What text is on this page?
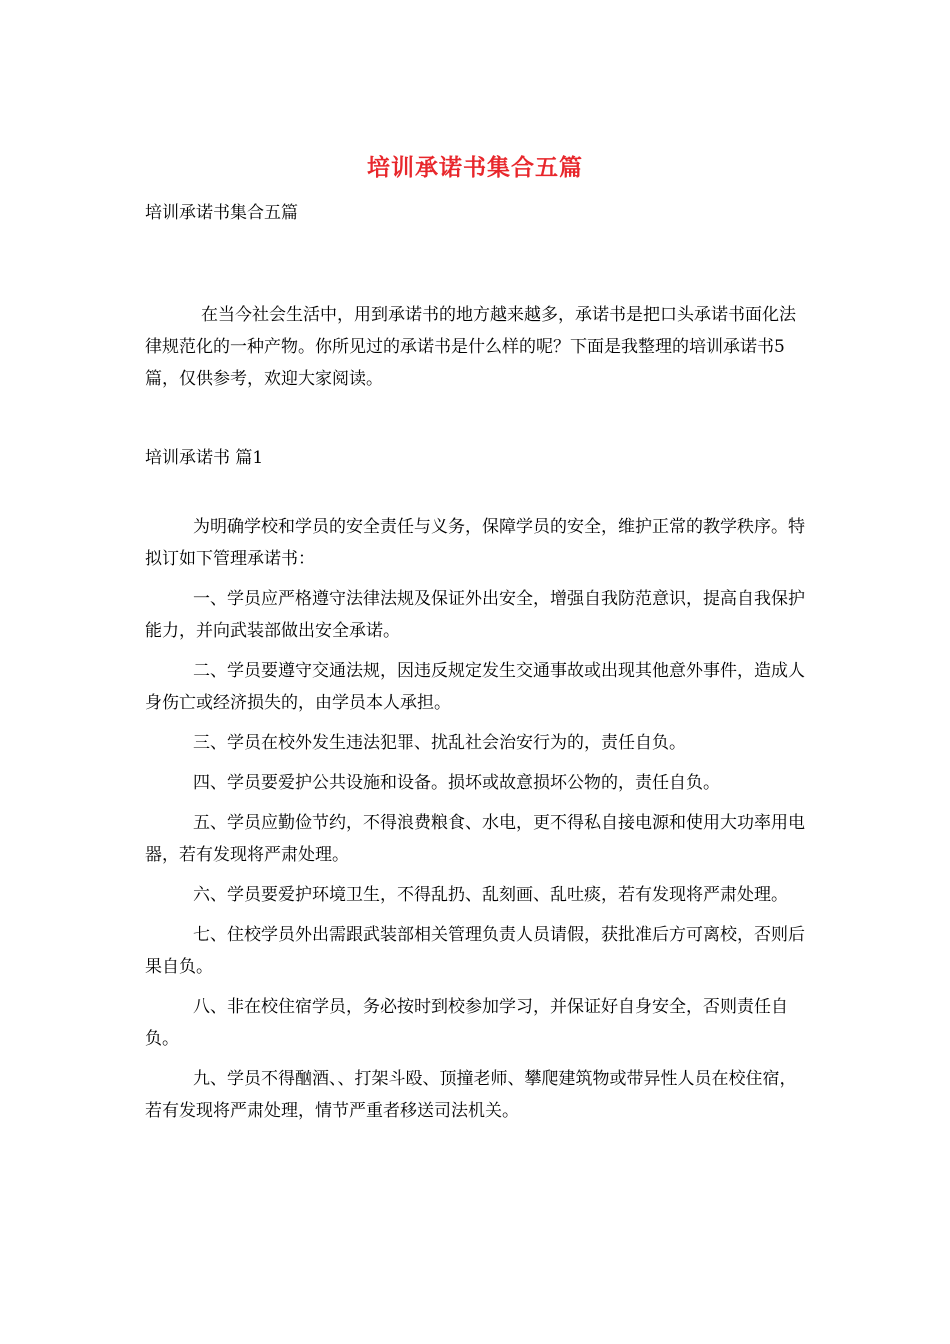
培训承诺书集合五篇
培训承诺书集合五篇
在当今社会生活中，用到承诺书的地方越来越多，承诺书是把口头承诺书面化法律规范化的一种产物。你所见过的承诺书是什么样的呢？下面是我整理的培训承诺书5篇，仅供参考，欢迎大家阅读。
培训承诺书 篇1

为明确学校和学员的安全责任与义务，保障学员的安全，维护正常的教学秩序。特拟订如下管理承诺书：

一、学员应严格遵守法律法规及保证外出安全，增强自我防范意识，提高自我保护能力，并向武装部做出安全承诺。

二、学员要遵守交通法规，因违反规定发生交通事故或出现其他意外事件，造成人身伤亡或经济损失的，由学员本人承担。

三、学员在校外发生违法犯罪、扰乱社会治安行为的，责任自负。

四、学员要爱护公共设施和设备。损坏或故意损坏公物的，责任自负。

五、学员应勤俭节约，不得浪费粮食、水电，更不得私自接电源和使用大功率用电器，若有发现将严肃处理。

六、学员要爱护环境卫生，不得乱扔、乱刻画、乱吐痰，若有发现将严肃处理。

七、住校学员外出需跟武装部相关管理负责人员请假，获批准后方可离校，否则后果自负。

八、非在校住宿学员，务必按时到校参加学习，并保证好自身安全，否则责任自负。

九、学员不得酗酒、、打架斗殴、顶撞老师、攀爬建筑物或带异性人员在校住宿，若有发现将严肃处理，情节严重者移送司法机关。
